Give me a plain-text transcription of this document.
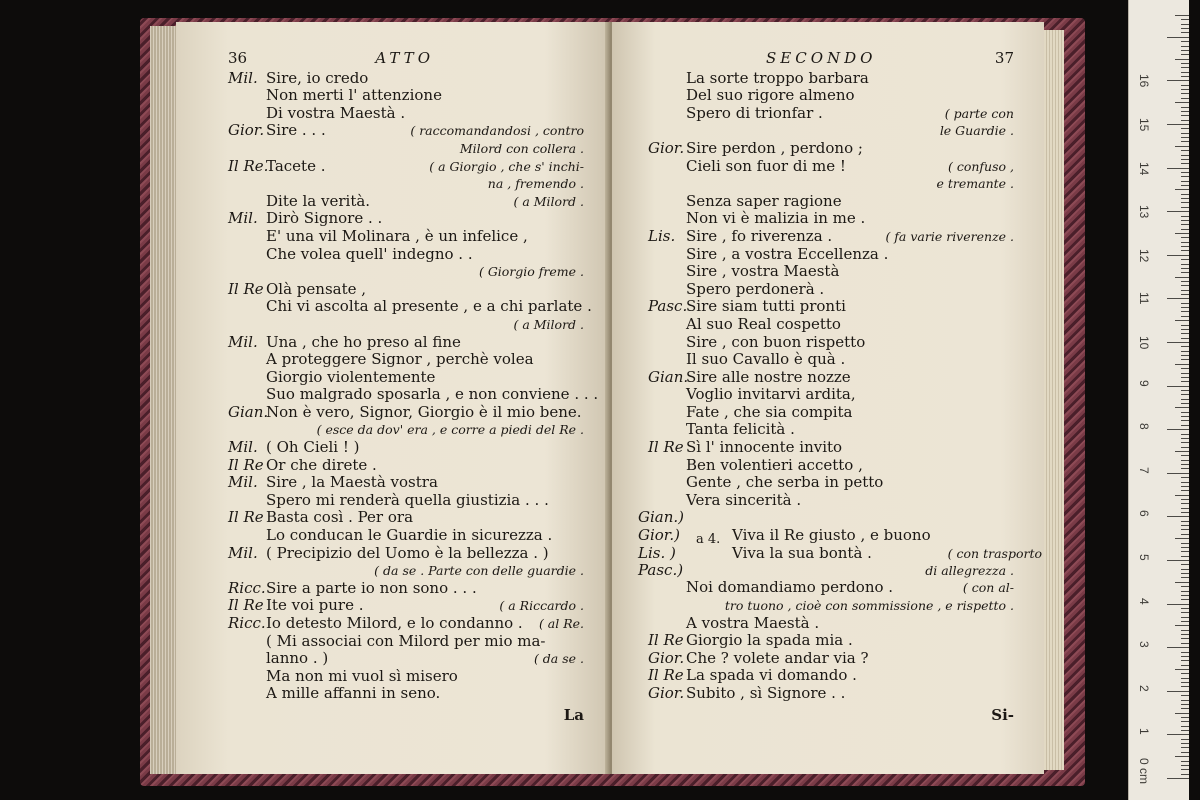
36	ATTO
Mil. Sire, io credo
Non merti l' attenzione
Di vostra Maestà .
Gior. Sire . . .	( raccomandandosi , contro
Milord con collera .
Il Re.Tacete .	( a Giorgio , che s' inchi-
na , fremendo .
Dite la verità.	( a Milord .
Mil. Dirò Signore . .
E' una vil Molinara , è un infelice ,
Che volea quell' indegno . .
( Giorgio freme .
Il Re Olà pensate ,
Chi vi ascolta al presente , e a chi parlate .
( a Milord .
Mil. Una , che ho preso al fine
A proteggere Signor , perchè volea
Giorgio violentemente
Suo malgrado sposarla , e non conviene . . .
Gian.Non è vero, Signor, Giorgio è il mio bene.
( esce da dov' era , e corre a piedi del Re .
Mil. ( Oh Cieli ! )
Il Re Or che direte .
Mil. Sire , la Maestà vostra
Spero mi renderà quella giustizia . . .
Il Re Basta così . Per ora
Lo conducan le Guardie in sicurezza .
Mil. ( Precipizio del Uomo è la bellezza . )
( da se . Parte con delle guardie .
Ricc.Sire a parte io non sono . . .
Il Re Ite voi pure .	( a Riccardo .
Ricc.Io detesto Milord, e lo condanno . ( al Re.
( Mi associai con Milord per mio ma-
lanno . )	( da se .
Ma non mi vuol sì misero
A mille affanni in seno.
La
SECONDO	37
La sorte troppo barbara
Del suo rigore almeno
Spero di trionfar .	( parte con
le Guardie .
Gior. Sire perdon , perdono ;
Cieli son fuor di me !	( confuso ,
e tremante .
Senza saper ragione
Non vi è malizia in me .
Lis. Sire , fo riverenza .	( fa varie riverenze .
Sire , a vostra Eccellenza .
Sire , vostra Maestà
Spero perdonerà .
Pasc.Sire siam tutti pronti
Al suo Real cospetto
Sire , con buon rispetto
Il suo Cavallo è quà .
Gian.Sire alle nostre nozze
Voglio invitarvi ardita,
Fate , che sia compita
Tanta felicità .
Il Re Sì l' innocente invito
Ben volentieri accetto ,
Gente , che serba in petto
Vera sincerità .
Gian.)
Gior.)
Lis. )
Pasc.)
a 4. Viva il Re giusto , e buono
Viva la sua bontà .	( con trasporto
di allegrezza .
Noi domandiamo perdono .	( con al-
tro tuono , cioè con sommissione , e rispetto .
A vostra Maestà .
Il Re Giorgio la spada mia .
Gior. Che ? volete andar via ?
Il Re La spada vi domando .
Gior. Subito , sì Signore . .
Si-
0 cm
1
2
3
4
5
6
7
8
9
10
11
12
13
14
15
16
